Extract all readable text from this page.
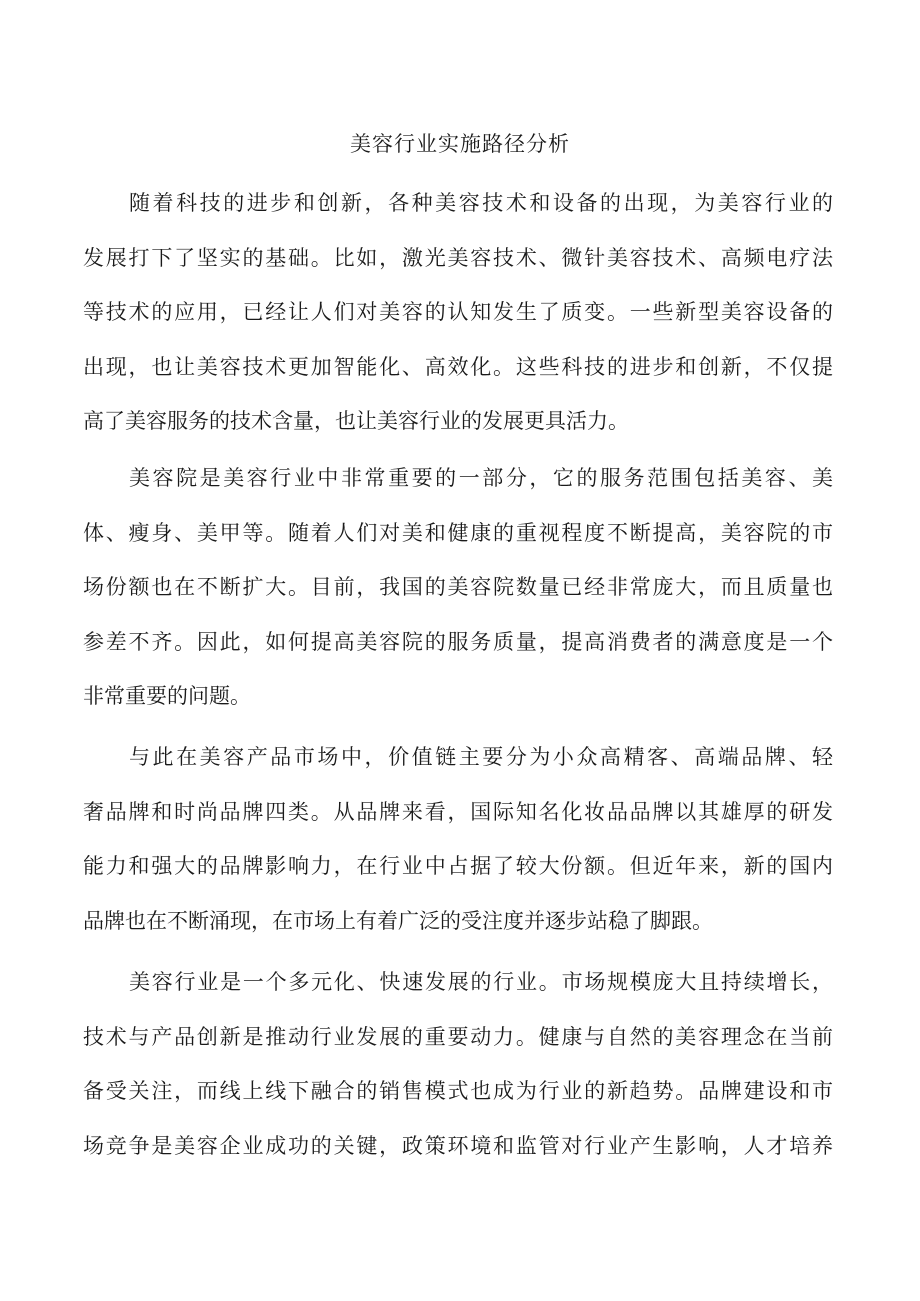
美容行业实施路径分析
随着科技的进步和创新，各种美容技术和设备的出现，为美容行业的
发展打下了坚实的基础。比如，激光美容技术、微针美容技术、高频电疗法
等技术的应用，已经让人们对美容的认知发生了质变。一些新型美容设备的
出现，也让美容技术更加智能化、高效化。这些科技的进步和创新，不仅提
高了美容服务的技术含量，也让美容行业的发展更具活力。
美容院是美容行业中非常重要的一部分，它的服务范围包括美容、美
体、瘦身、美甲等。随着人们对美和健康的重视程度不断提高，美容院的市
场份额也在不断扩大。目前，我国的美容院数量已经非常庞大，而且质量也
参差不齐。因此，如何提高美容院的服务质量，提高消费者的满意度是一个
非常重要的问题。
与此在美容产品市场中，价值链主要分为小众高精客、高端品牌、轻
奢品牌和时尚品牌四类。从品牌来看，国际知名化妆品品牌以其雄厚的研发
能力和强大的品牌影响力，在行业中占据了较大份额。但近年来，新的国内
品牌也在不断涌现，在市场上有着广泛的受注度并逐步站稳了脚跟。
美容行业是一个多元化、快速发展的行业。市场规模庞大且持续增长，
技术与产品创新是推动行业发展的重要动力。健康与自然的美容理念在当前
备受关注，而线上线下融合的销售模式也成为行业的新趋势。品牌建设和市
场竞争是美容企业成功的关键，政策环境和监管对行业产生影响，人才培养
